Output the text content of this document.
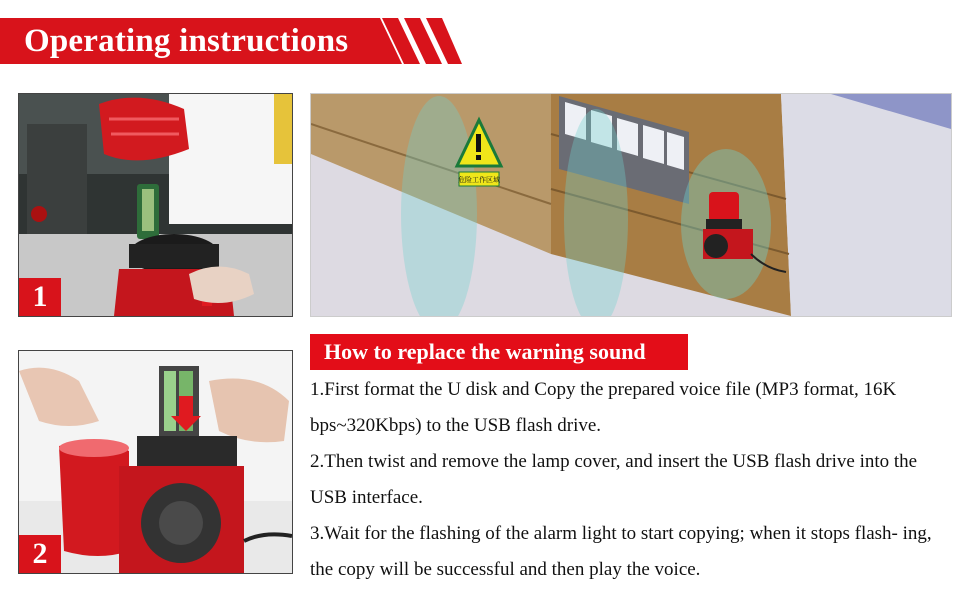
Operating instructions
1
2
危险工作区域
How to replace the warning sound

1.First format the U disk and Copy the prepared voice file (MP3 format, 16K bps~320Kbps) to the USB flash drive.

2.Then twist and remove the lamp cover, and insert the USB flash drive into the USB interface.

3.Wait for the flashing of the alarm light to start copying; when it stops flash- ing, the copy will be successful and then play the voice.
